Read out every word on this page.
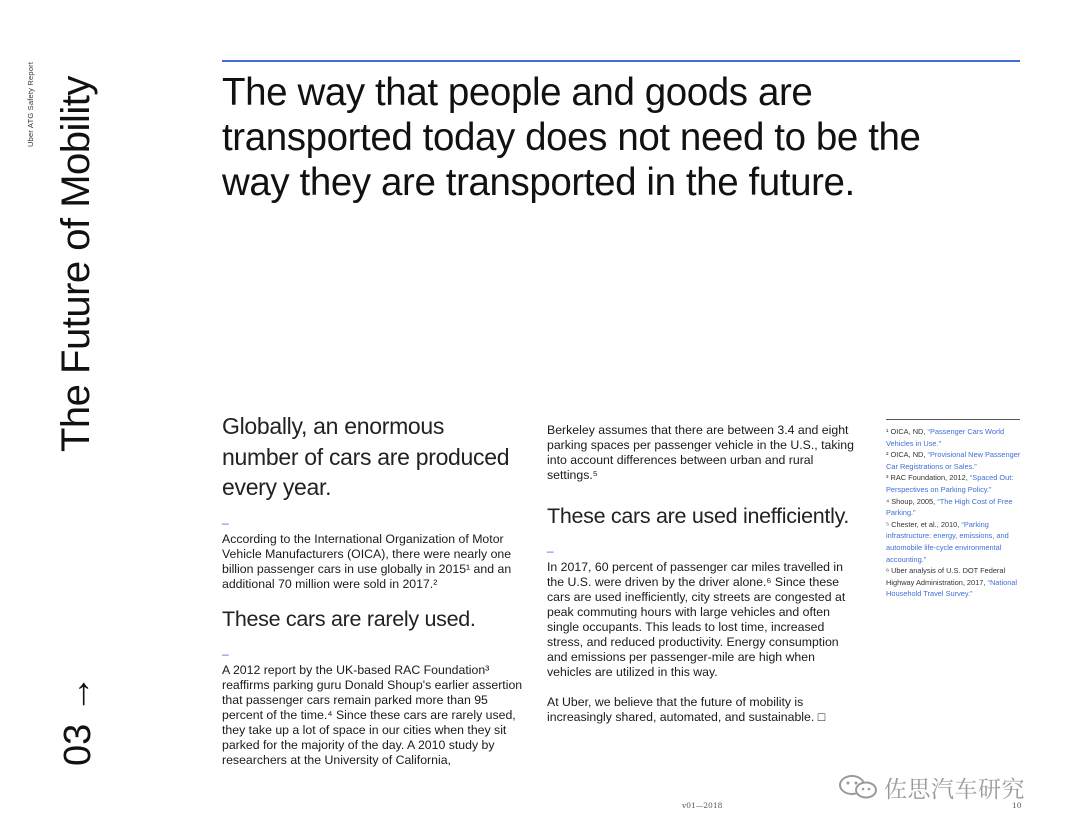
Uber ATG Safety Report The Future of Mobility
03 →
The way that people and goods are transported today does not need to be the way they are transported in the future.
Globally, an enormous number of cars are produced every year.
–

According to the International Organization of Motor Vehicle Manufacturers (OICA), there were nearly one billion passenger cars in use globally in 2015¹ and an additional 70 million were sold in 2017.²

These cars are rarely used.
–

A 2012 report by the UK-based RAC Foundation³ reaffirms parking guru Donald Shoup's earlier assertion that passenger cars remain parked more than 95 percent of the time.⁴ Since these cars are rarely used, they take up a lot of space in our cities when they sit parked for the majority of the day. A 2010 study by researchers at the University of California,

Berkeley assumes that there are between 3.4 and eight parking spaces per passenger vehicle in the U.S., taking into account differences between urban and rural settings.⁵

These cars are used inefficiently.
–

In 2017, 60 percent of passenger car miles travelled in the U.S. were driven by the driver alone.⁶ Since these cars are used inefficiently, city streets are congested at peak commuting hours with large vehicles and often single occupants. This leads to lost time, increased stress, and reduced productivity. Energy consumption and emissions per passenger-mile are high when vehicles are utilized in this way.

At Uber, we believe that the future of mobility is increasingly shared, automated, and sustainable. □

¹ OICA, ND, “Passenger Cars World Vehicles in Use.”
² OICA, ND, “Provisional New Passenger Car Registrations or Sales.”
³ RAC Foundation, 2012, “Spaced Out: Perspectives on Parking Policy.”
⁴ Shoup, 2005, “The High Cost of Free Parking.”
⁵ Chester, et al., 2010, “Parking infrastructure: energy, emissions, and automobile life-cycle environmental accounting.”
⁶ Uber analysis of U.S. DOT Federal Highway Administration, 2017, “National Household Travel Survey.”
v01—2018	10
佐思汽车研究
